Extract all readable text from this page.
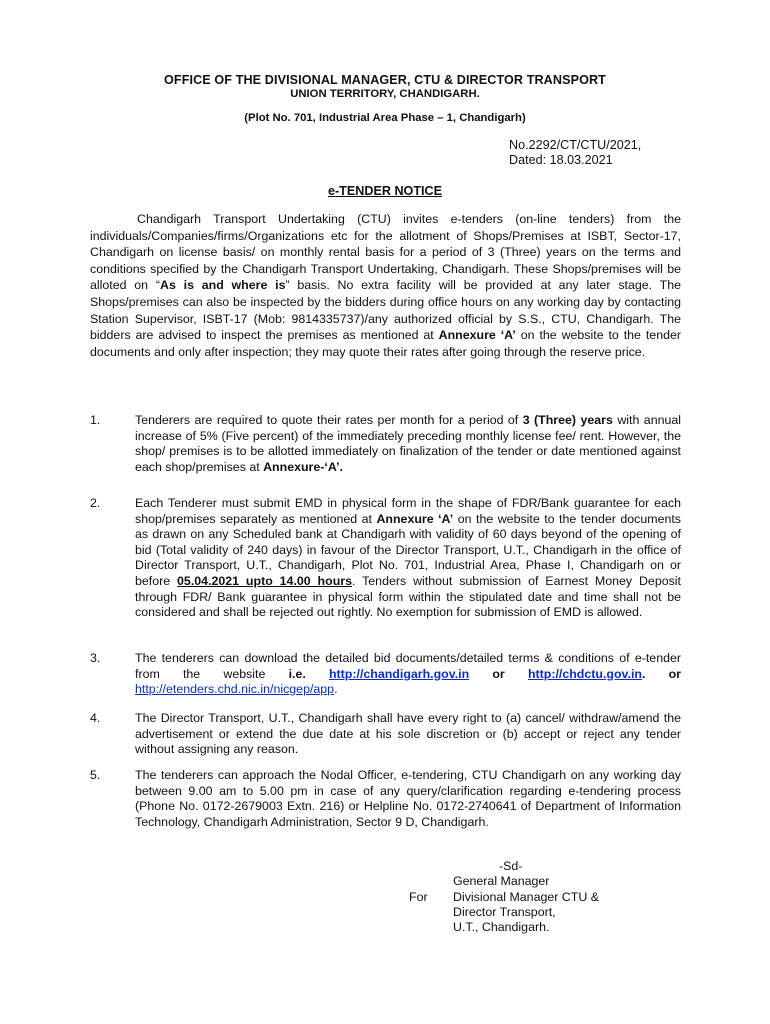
OFFICE OF THE DIVISIONAL MANAGER, CTU & DIRECTOR TRANSPORT
UNION TERRITORY, CHANDIGARH.
(Plot No. 701, Industrial Area Phase – 1, Chandigarh)
No.2292/CT/CTU/2021,
Dated: 18.03.2021
e-TENDER NOTICE
Chandigarh Transport Undertaking (CTU) invites e-tenders (on-line tenders) from the individuals/Companies/firms/Organizations etc for the allotment of Shops/Premises at ISBT, Sector-17, Chandigarh on license basis/ on monthly rental basis for a period of 3 (Three) years on the terms and conditions specified by the Chandigarh Transport Undertaking, Chandigarh. These Shops/premises will be alloted on “As is and where is” basis. No extra facility will be provided at any later stage. The Shops/premises can also be inspected by the bidders during office hours on any working day by contacting Station Supervisor, ISBT-17 (Mob: 9814335737)/any authorized official by S.S., CTU, Chandigarh. The bidders are advised to inspect the premises as mentioned at Annexure ‘A’ on the website to the tender documents and only after inspection; they may quote their rates after going through the reserve price.
1.	Tenderers are required to quote their rates per month for a period of 3 (Three) years with annual increase of 5% (Five percent) of the immediately preceding monthly license fee/ rent. However, the shop/ premises is to be allotted immediately on finalization of the tender or date mentioned against each shop/premises at Annexure-‘A’.
2.	Each Tenderer must submit EMD in physical form in the shape of FDR/Bank guarantee for each shop/premises separately as mentioned at Annexure ‘A’ on the website to the tender documents as drawn on any Scheduled bank at Chandigarh with validity of 60 days beyond of the opening of bid (Total validity of 240 days) in favour of the Director Transport, U.T., Chandigarh in the office of Director Transport, U.T., Chandigarh, Plot No. 701, Industrial Area, Phase I, Chandigarh on or before 05.04.2021 upto 14.00 hours. Tenders without submission of Earnest Money Deposit through FDR/ Bank guarantee in physical form within the stipulated date and time shall not be considered and shall be rejected out rightly. No exemption for submission of EMD is allowed.
3.	The tenderers can download the detailed bid documents/detailed terms & conditions of e-tender from the website i.e. http://chandigarh.gov.in or http://chdctu.gov.in. or http://etenders.chd.nic.in/nicgep/app.
4.	The Director Transport, U.T., Chandigarh shall have every right to (a) cancel/ withdraw/amend the advertisement or extend the due date at his sole discretion or (b) accept or reject any tender without assigning any reason.
5.	The tenderers can approach the Nodal Officer, e-tendering, CTU Chandigarh on any working day between 9.00 am to 5.00 pm in case of any query/clarification regarding e-tendering process (Phone No. 0172-2679003 Extn. 216) or Helpline No. 0172-2740641 of Department of Information Technology, Chandigarh Administration, Sector 9 D, Chandigarh.
For
-Sd-
General Manager
Divisional Manager CTU &
Director Transport,
U.T., Chandigarh.
